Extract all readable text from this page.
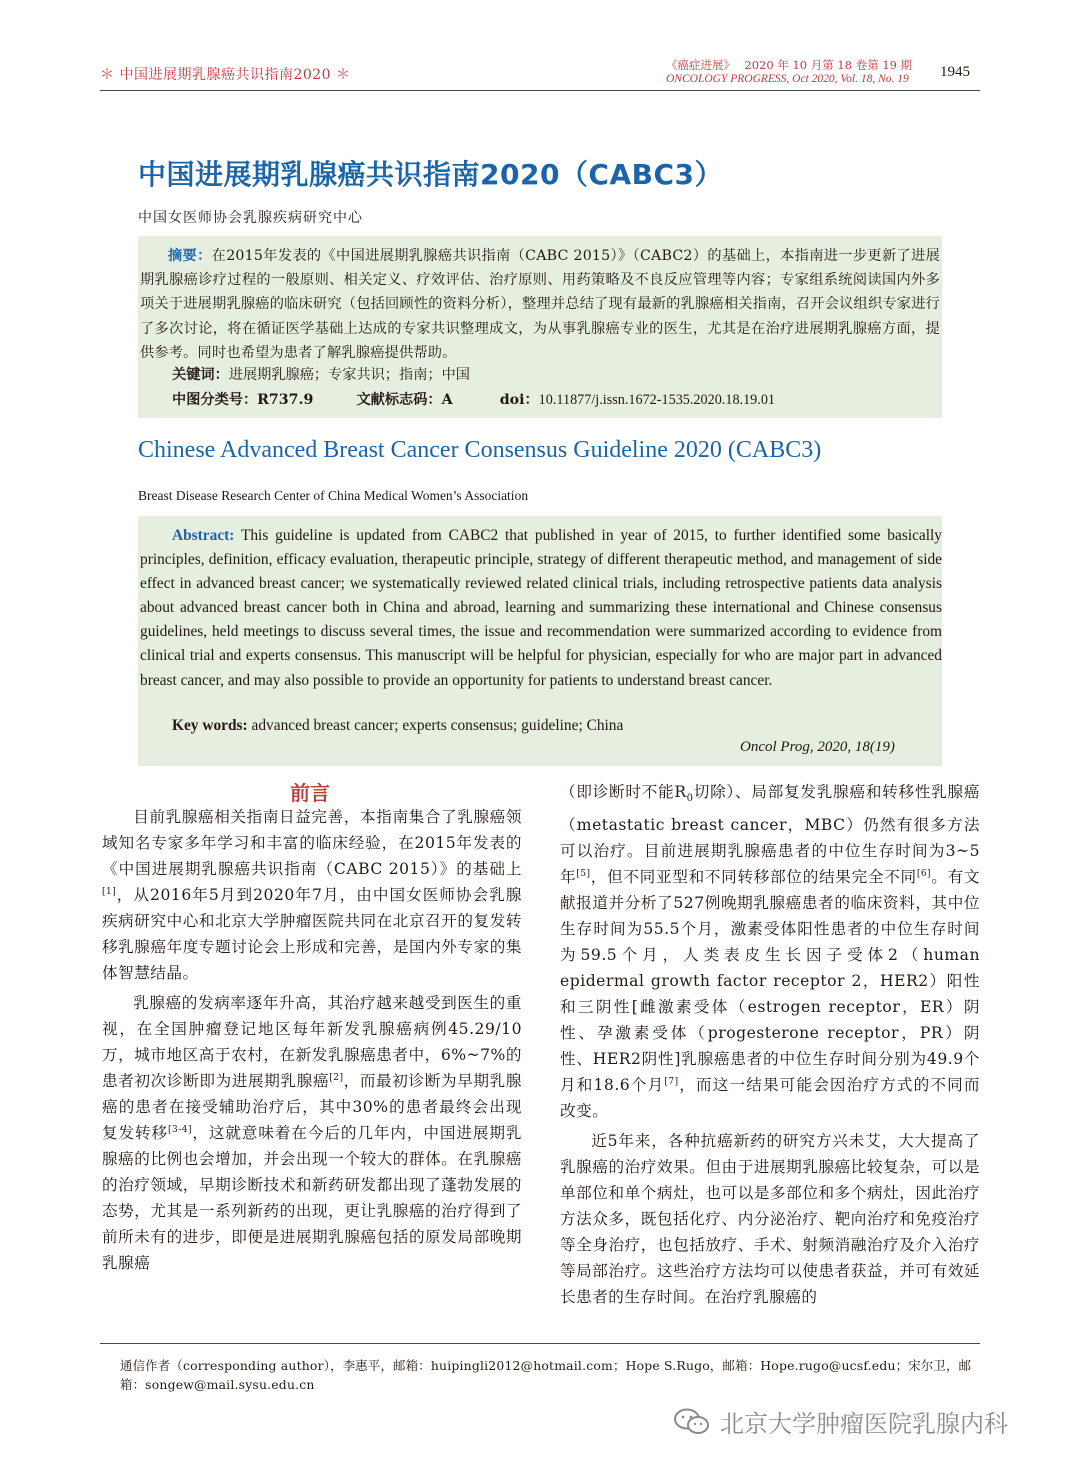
＊ 中国进展期乳腺癌共识指南2020 ＊
《癌症进展》　 2020 年 10 月第 18 卷第 19 期
ONCOLOGY PROGRESS, Oct 2020, Vol. 18, No. 19	1945
中国进展期乳腺癌共识指南2020（CABC3）
中国女医师协会乳腺疾病研究中心
摘要：在2015年发表的《中国进展期乳腺癌共识指南（CABC 2015）》（CABC2）的基础上，本指南进一步更新了进展期乳腺癌诊疗过程的一般原则、相关定义、疗效评估、治疗原则、用药策略及不良反应管理等内容；专家组系统阅读国内外多项关于进展期乳腺癌的临床研究（包括回顾性的资料分析），整理并总结了现有最新的乳腺癌相关指南，召开会议组织专家进行了多次讨论，将在循证医学基础上达成的专家共识整理成文，为从事乳腺癌专业的医生，尤其是在治疗进展期乳腺癌方面，提供参考。同时也希望为患者了解乳腺癌提供帮助。
关键词：进展期乳腺癌；专家共识；指南；中国
中图分类号：R737.9	文献标志码：A	doi：10.11877/j.issn.1672-1535.2020.18.19.01
Chinese Advanced Breast Cancer Consensus Guideline 2020 (CABC3)
Breast Disease Research Center of China Medical Women’s Association
Abstract: This guideline is updated from CABC2 that published in year of 2015, to further identified some basically principles, definition, efficacy evaluation, therapeutic principle, strategy of different therapeutic method, and management of side effect in advanced breast cancer; we systematically reviewed related clinical trials, including retrospective patients data analysis about advanced breast cancer both in China and abroad, learning and summarizing these international and Chinese consensus guidelines, held meetings to discuss several times, the issue and recommendation were summarized according to evidence from clinical trial and experts consensus. This manuscript will be helpful for physician, especially for who are major part in advanced breast cancer, and may also possible to provide an opportunity for patients to understand breast cancer.
Key words: advanced breast cancer; experts consensus; guideline; China
Oncol Prog, 2020, 18(19)
前言

目前乳腺癌相关指南日益完善，本指南集合了乳腺癌领域知名专家多年学习和丰富的临床经验，在2015年发表的《中国进展期乳腺癌共识指南（CABC 2015）》的基础上[1]，从2016年5月到2020年7月，由中国女医师协会乳腺疾病研究中心和北京大学肿瘤医院共同在北京召开的复发转移乳腺癌年度专题讨论会上形成和完善，是国内外专家的集体智慧结晶。

乳腺癌的发病率逐年升高，其治疗越来越受到医生的重视，在全国肿瘤登记地区每年新发乳腺癌病例45.29/10万，城市地区高于农村，在新发乳腺癌患者中，6%~7%的患者初次诊断即为进展期乳腺癌[2]，而最初诊断为早期乳腺癌的患者在接受辅助治疗后，其中30%的患者最终会出现复发转移[3-4]，这就意味着在今后的几年内，中国进展期乳腺癌的比例也会增加，并会出现一个较大的群体。在乳腺癌的治疗领域，早期诊断技术和新药研发都出现了蓬勃发展的态势，尤其是一系列新药的出现，更让乳腺癌的治疗得到了前所未有的进步，即便是进展期乳腺癌包括的原发局部晚期乳腺癌

（即诊断时不能$R_0$切除）、局部复发乳腺癌和转移性乳腺癌（metastatic breast cancer，MBC）仍然有很多方法可以治疗。目前进展期乳腺癌患者的中位生存时间为3~5年[5]，但不同亚型和不同转移部位的结果完全不同[6]。有文献报道并分析了527例晚期乳腺癌患者的临床资料，其中位生存时间为55.5个月，激素受体阳性患者的中位生存时间为59.5个月，人类表皮生长因子受体2（human epidermal growth factor receptor 2，HER2）阳性和三阴性[雌激素受体（estrogen receptor，ER）阴性、孕激素受体（progesterone receptor，PR）阴性、HER2阴性]乳腺癌患者的中位生存时间分别为49.9个月和18.6个月[7]，而这一结果可能会因治疗方式的不同而改变。

近5年来，各种抗癌新药的研究方兴未艾，大大提高了乳腺癌的治疗效果。但由于进展期乳腺癌比较复杂，可以是单部位和单个病灶，也可以是多部位和多个病灶，因此治疗方法众多，既包括化疗、内分泌治疗、靶向治疗和免疫治疗等全身治疗，也包括放疗、手术、射频消融治疗及介入治疗等局部治疗。这些治疗方法均可以使患者获益，并可有效延长患者的生存时间。在治疗乳腺癌的

通信作者（corresponding author），李惠平，邮箱：huipingli2012@hotmail.com；Hope S.Rugo，邮箱：Hope.rugo@ucsf.edu；宋尔卫，邮箱：songew@mail.sysu.edu.cn
北京大学肿瘤医院乳腺内科
